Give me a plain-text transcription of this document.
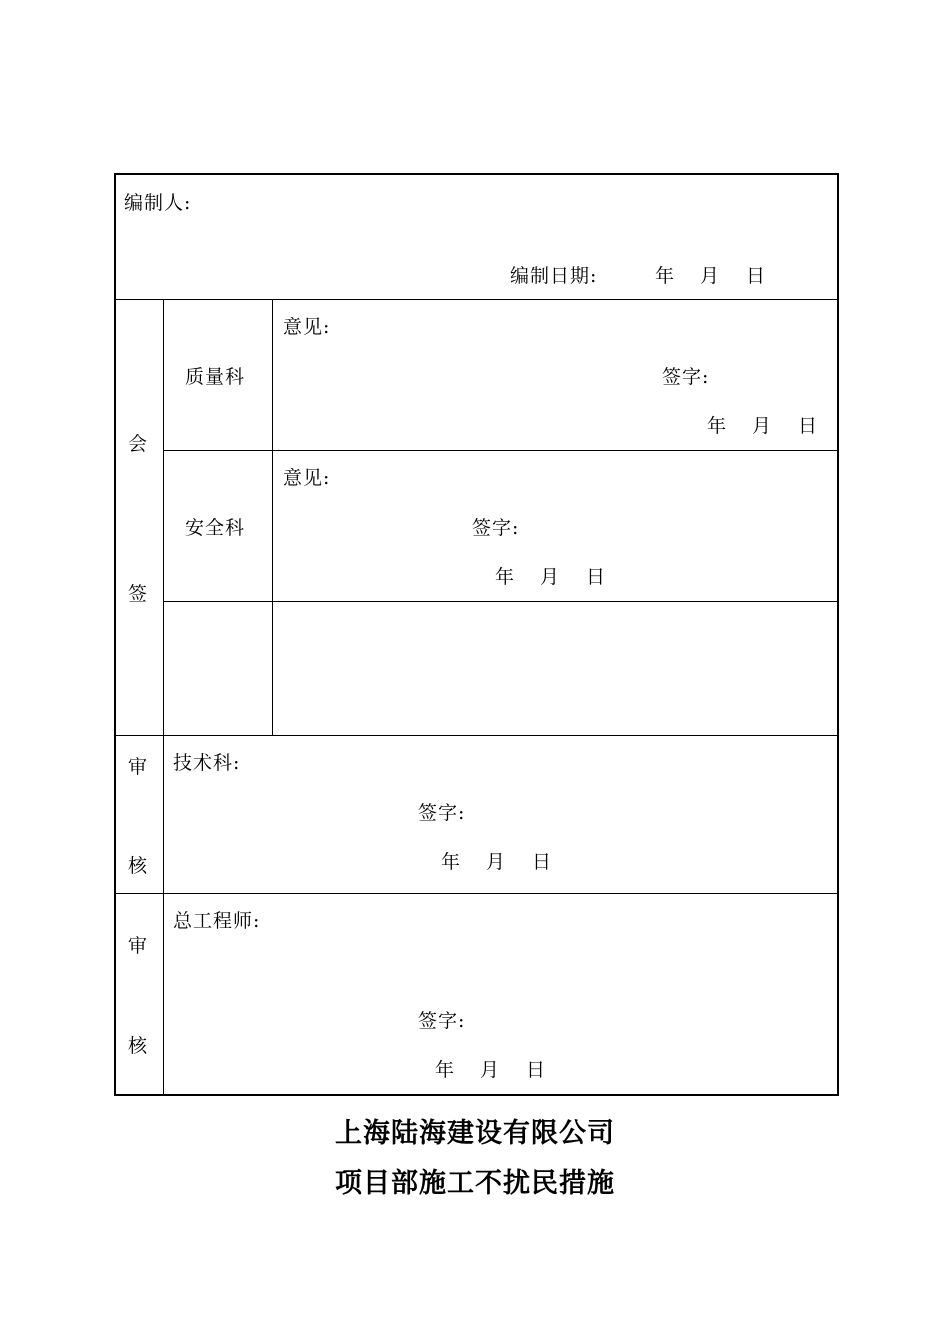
编制人:
编制日期:	年 月 日
会
签
质量科
意见:
签字:
年 月 日
安全科
意见:
签字:
年 月 日
审
核
技术科:
签字:
年 月 日
审
核
总工程师:
签字:
年 月 日
上海陆海建设有限公司
项目部施工不扰民措施
